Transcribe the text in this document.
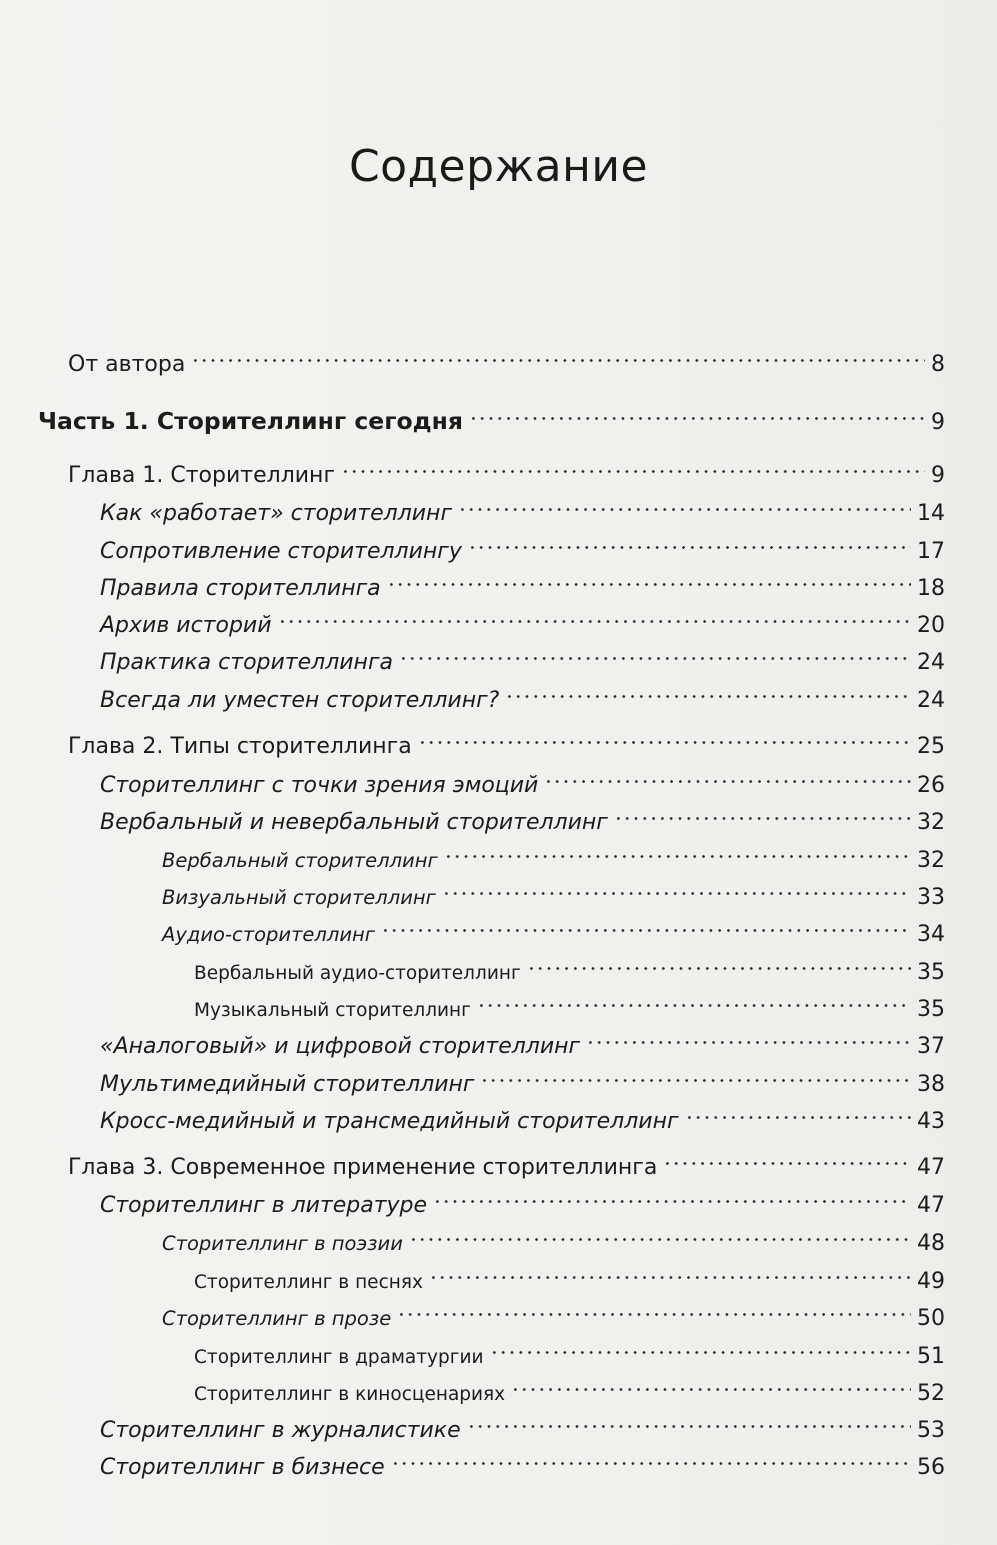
Содержание
От автора	8
Часть 1. Сторителлинг сегодня	9
Глава 1. Сторителлинг	9
Как «работает» сторителлинг	14
Сопротивление сторителлингу	17
Правила сторителлинга	18
Архив историй	20
Практика сторителлинга	24
Всегда ли уместен сторителлинг?	24
Глава 2. Типы сторителлинга	25
Сторителлинг с точки зрения эмоций	26
Вербальный и невербальный сторителлинг	32
Вербальный сторителлинг	32
Визуальный сторителлинг	33
Аудио-сторителлинг	34
Вербальный аудио-сторителлинг	35
Музыкальный сторителлинг	35
«Аналоговый» и цифровой сторителлинг	37
Мультимедийный сторителлинг	38
Кросс-медийный и трансмедийный сторителлинг	43
Глава 3. Современное применение сторителлинга	47
Сторителлинг в литературе	47
Сторителлинг в поэзии	48
Сторителлинг в песнях	49
Сторителлинг в прозе	50
Сторителлинг в драматургии	51
Сторителлинг в киносценариях	52
Сторителлинг в журналистике	53
Сторителлинг в бизнесе	56
